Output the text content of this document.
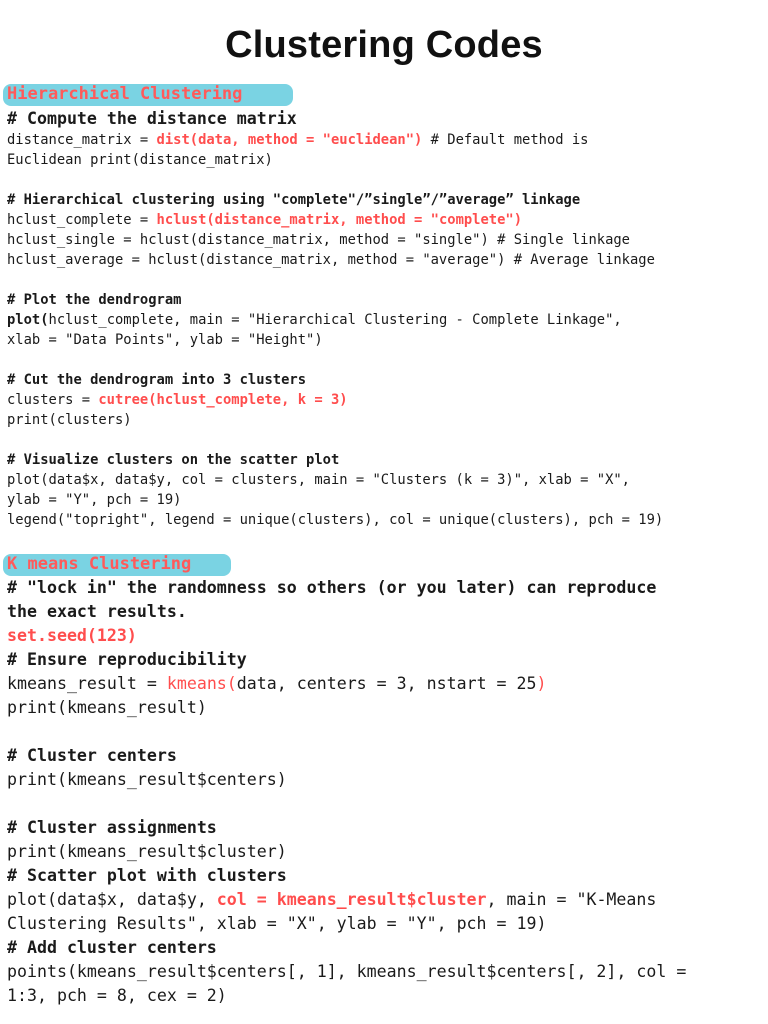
Clustering Codes
Hierarchical Clustering
# Compute the distance matrix
distance_matrix = dist(data, method = "euclidean") # Default method is
Euclidean print(distance_matrix)
# Hierarchical clustering using "complete"/”single”/”average” linkage
hclust_complete = hclust(distance_matrix, method = "complete")
hclust_single = hclust(distance_matrix, method = "single") # Single linkage
hclust_average = hclust(distance_matrix, method = "average") # Average linkage
# Plot the dendrogram
plot(hclust_complete, main = "Hierarchical Clustering - Complete Linkage",
xlab = "Data Points", ylab = "Height")
# Cut the dendrogram into 3 clusters
clusters = cutree(hclust_complete, k = 3)
print(clusters)
# Visualize clusters on the scatter plot
plot(data$x, data$y, col = clusters, main = "Clusters (k = 3)", xlab = "X",
ylab = "Y", pch = 19)
legend("topright", legend = unique(clusters), col = unique(clusters), pch = 19)
K means Clustering
# "lock in" the randomness so others (or you later) can reproduce
the exact results.
set.seed(123)
# Ensure reproducibility
kmeans_result = kmeans(data, centers = 3, nstart = 25)
print(kmeans_result)
# Cluster centers
print(kmeans_result$centers)
# Cluster assignments
print(kmeans_result$cluster)
# Scatter plot with clusters
plot(data$x, data$y, col = kmeans_result$cluster, main = "K-Means
Clustering Results", xlab = "X", ylab = "Y", pch = 19)
# Add cluster centers
points(kmeans_result$centers[, 1], kmeans_result$centers[, 2], col =
1:3, pch = 8, cex = 2)
